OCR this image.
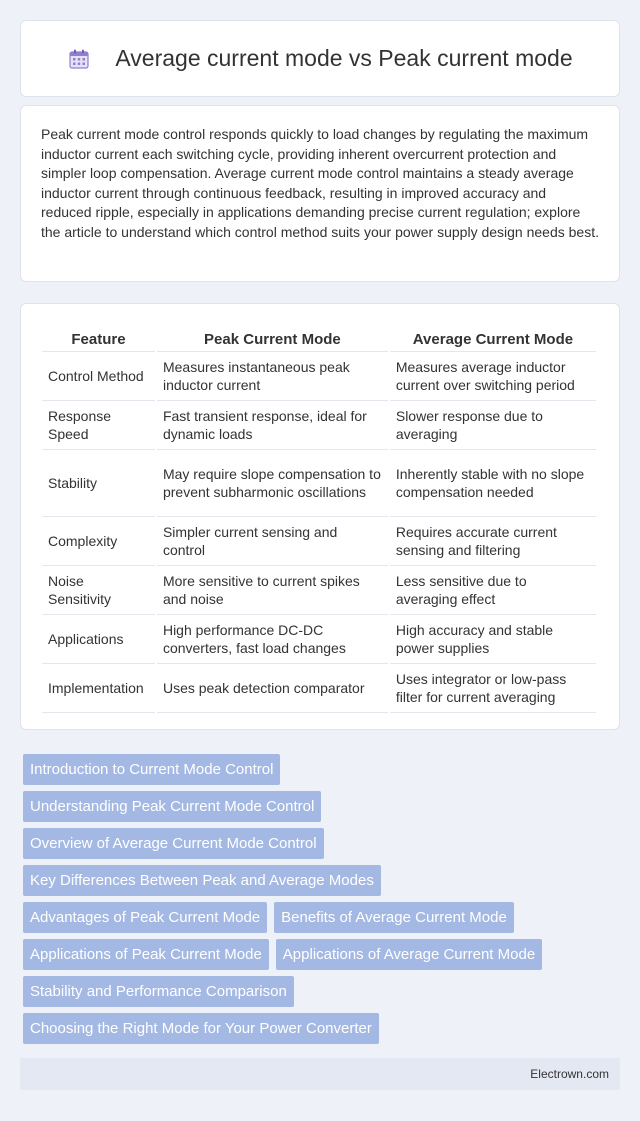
Average current mode vs Peak current mode

Peak current mode control responds quickly to load changes by regulating the maximum inductor current each switching cycle, providing inherent overcurrent protection and simpler loop compensation. Average current mode control maintains a steady average inductor current through continuous feedback, resulting in improved accuracy and reduced ripple, especially in applications demanding precise current regulation; explore the article to understand which control method suits your power supply design needs best.

Feature	Peak Current Mode	Average Current Mode
Control Method	Measures instantaneous peak inductor current	Measures average inductor current over switching period
Response Speed	Fast transient response, ideal for dynamic loads	Slower response due to averaging
Stability	May require slope compensation to prevent subharmonic oscillations	Inherently stable with no slope compensation needed
Complexity	Simpler current sensing and control	Requires accurate current sensing and filtering
Noise Sensitivity	More sensitive to current spikes and noise	Less sensitive due to averaging effect
Applications	High performance DC-DC converters, fast load changes	High accuracy and stable power supplies
Implementation	Uses peak detection comparator	Uses integrator or low-pass filter for current averaging
Introduction to Current Mode Control
Understanding Peak Current Mode Control
Overview of Average Current Mode Control
Key Differences Between Peak and Average Modes
Advantages of Peak Current Mode	Benefits of Average Current Mode
Applications of Peak Current Mode	Applications of Average Current Mode
Stability and Performance Comparison
Choosing the Right Mode for Your Power Converter
Electrown.com
